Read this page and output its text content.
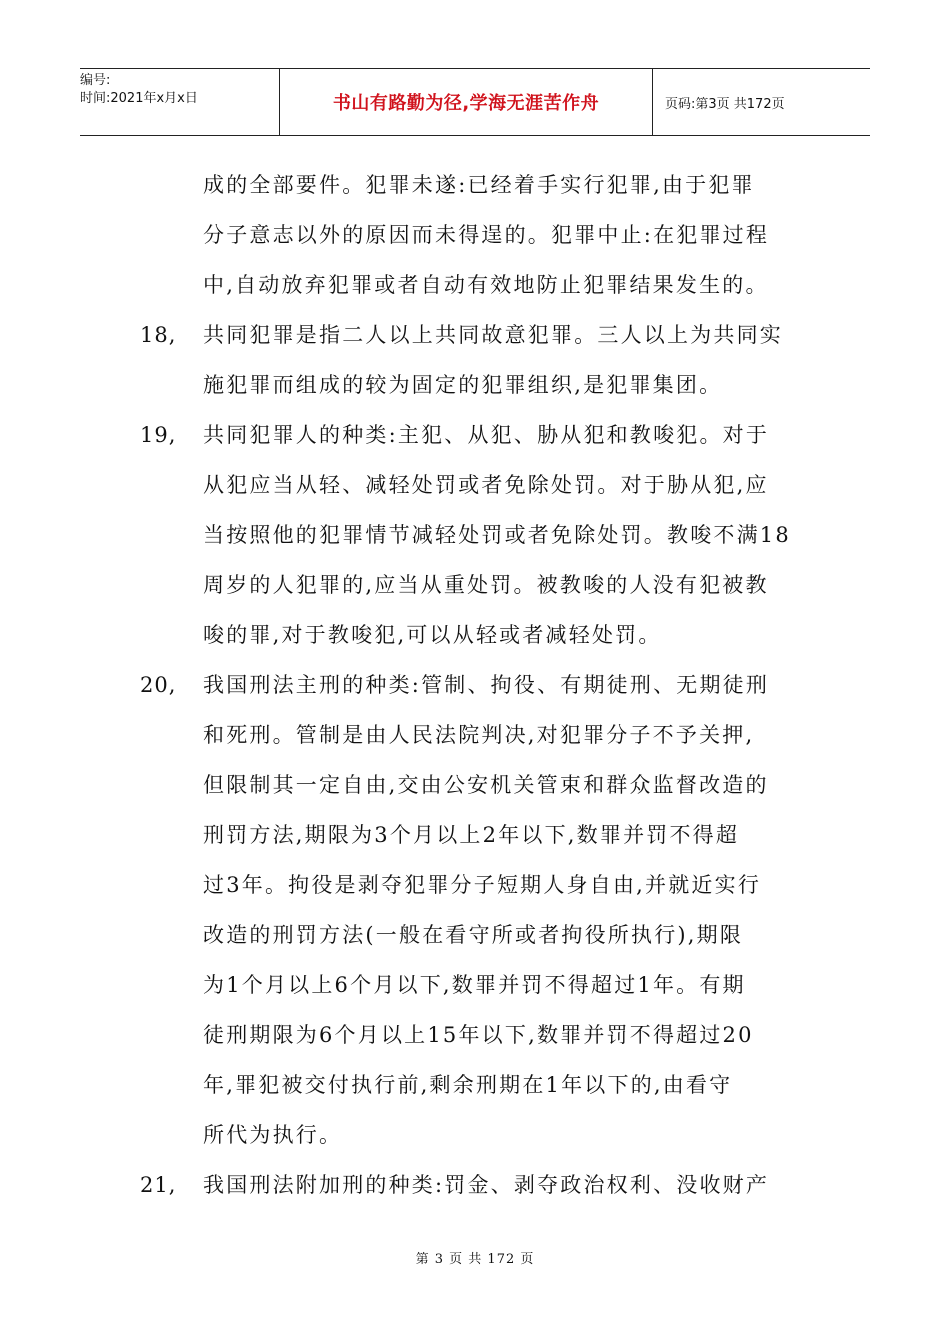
编号:
时间:2021年x月x日	书山有路勤为径,学海无涯苦作舟	页码:第3页 共172页
成的全部要件。犯罪未遂:已经着手实行犯罪,由于犯罪
分子意志以外的原因而未得逞的。犯罪中止:在犯罪过程
中,自动放弃犯罪或者自动有效地防止犯罪结果发生的。
18, 共同犯罪是指二人以上共同故意犯罪。三人以上为共同实
施犯罪而组成的较为固定的犯罪组织,是犯罪集团。
19, 共同犯罪人的种类:主犯、从犯、胁从犯和教唆犯。对于
从犯应当从轻、减轻处罚或者免除处罚。对于胁从犯,应
当按照他的犯罪情节减轻处罚或者免除处罚。教唆不满18
周岁的人犯罪的,应当从重处罚。被教唆的人没有犯被教
唆的罪,对于教唆犯,可以从轻或者减轻处罚。
20, 我国刑法主刑的种类:管制、拘役、有期徒刑、无期徒刑
和死刑。管制是由人民法院判决,对犯罪分子不予关押,
但限制其一定自由,交由公安机关管束和群众监督改造的
刑罚方法,期限为3个月以上2年以下,数罪并罚不得超
过3年。拘役是剥夺犯罪分子短期人身自由,并就近实行
改造的刑罚方法(一般在看守所或者拘役所执行),期限
为1个月以上6个月以下,数罪并罚不得超过1年。有期
徒刑期限为6个月以上15年以下,数罪并罚不得超过20
年,罪犯被交付执行前,剩余刑期在1年以下的,由看守
所代为执行。
21, 我国刑法附加刑的种类:罚金、剥夺政治权利、没收财产
第 3 页 共 172 页
